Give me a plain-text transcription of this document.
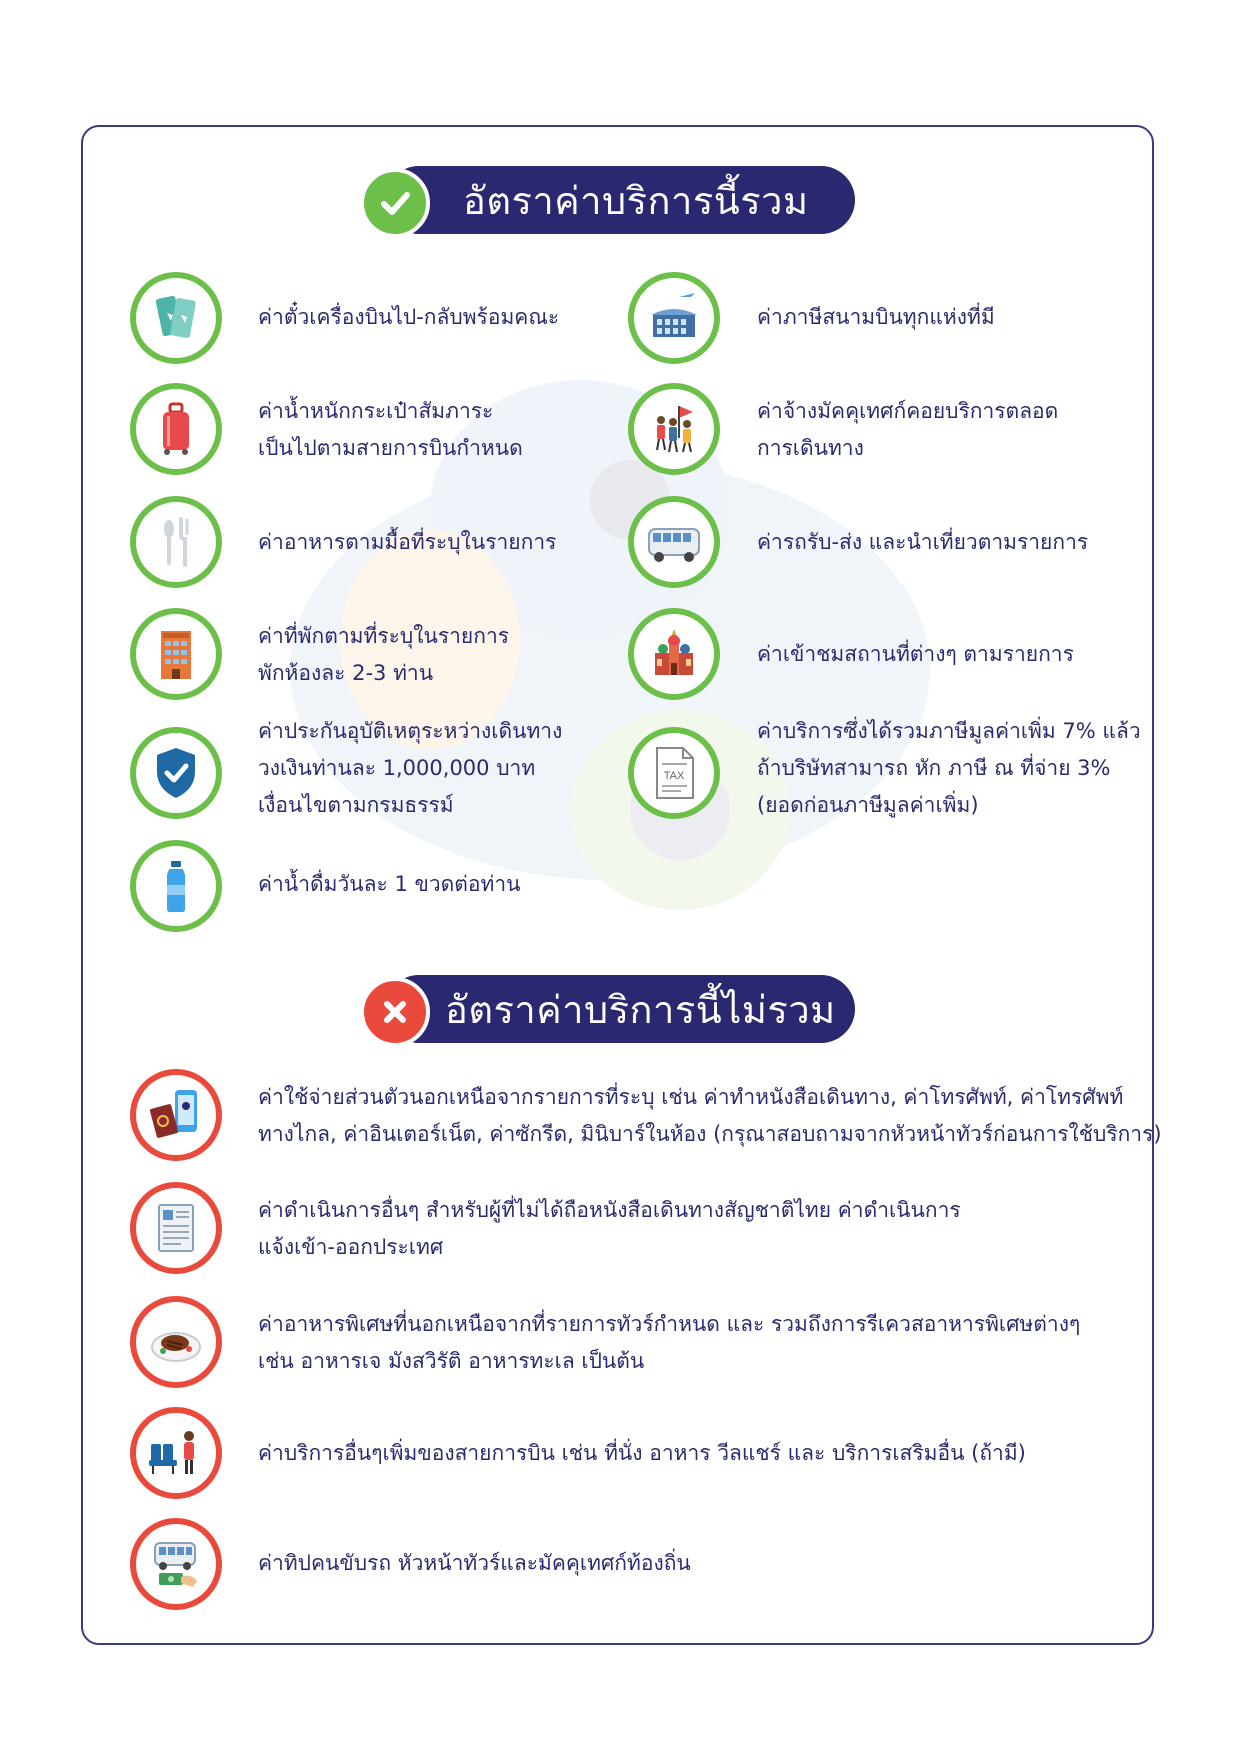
อัตราค่าบริการนี้รวม
ค่าตั๋วเครื่องบินไป-กลับพร้อมคณะ	ค่าภาษีสนามบินทุกแห่งที่มี
ค่าน้ำหนักกระเป๋าสัมภาระ
เป็นไปตามสายการบินกำหนด
ค่าจ้างมัคคุเทศก์คอยบริการตลอด
การเดินทาง
ค่าอาหารตามมื้อที่ระบุในรายการ	ค่ารถรับ-ส่ง และนำเที่ยวตามรายการ
ค่าที่พักตามที่ระบุในรายการ
พักห้องละ 2-3 ท่าน
ค่าเข้าชมสถานที่ต่างๆ ตามรายการ
ค่าประกันอุบัติเหตุระหว่างเดินทาง
วงเงินท่านละ 1,000,000 บาท
เงื่อนไขตามกรมธรรม์
TAX
ค่าบริการซึ่งได้รวมภาษีมูลค่าเพิ่ม 7% แล้ว
ถ้าบริษัทสามารถ หัก ภาษี ณ ที่จ่าย 3%
(ยอดก่อนภาษีมูลค่าเพิ่ม)
ค่าน้ำดื่มวันละ 1 ขวดต่อท่าน
อัตราค่าบริการนี้ไม่รวม
ค่าใช้จ่ายส่วนตัวนอกเหนือจากรายการที่ระบุ เช่น ค่าทำหนังสือเดินทาง, ค่าโทรศัพท์, ค่าโทรศัพท์
ทางไกล, ค่าอินเตอร์เน็ต, ค่าซักรีด, มินิบาร์ในห้อง (กรุณาสอบถามจากหัวหน้าทัวร์ก่อนการใช้บริการ)
ค่าดำเนินการอื่นๆ สำหรับผู้ที่ไม่ได้ถือหนังสือเดินทางสัญชาติไทย ค่าดำเนินการ
แจ้งเข้า-ออกประเทศ
ค่าอาหารพิเศษที่นอกเหนือจากที่รายการทัวร์กำหนด และ รวมถึงการรีเควสอาหารพิเศษต่างๆ
เช่น อาหารเจ มังสวิรัติ อาหารทะเล เป็นต้น
ค่าบริการอื่นๆเพิ่มของสายการบิน เช่น ที่นั่ง อาหาร วีลแชร์ และ บริการเสริมอื่น (ถ้ามี)
ค่าทิปคนขับรถ หัวหน้าทัวร์และมัคคุเทศก์ท้องถิ่น
